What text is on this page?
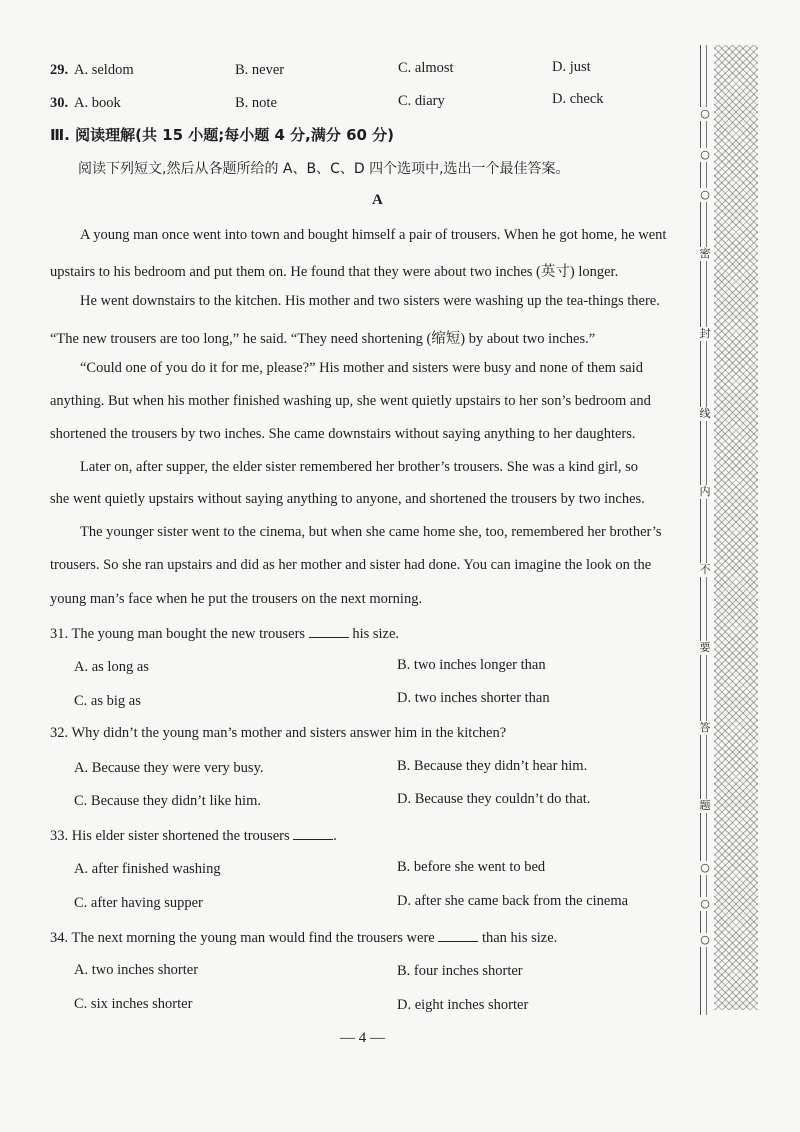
29. A. seldom	B. never	C. almost	D. just
30. A. book	B. note	C. diary	D. check
Ⅲ. 阅读理解(共 15 小题;每小题 4 分,满分 60 分)
阅读下列短文,然后从各题所给的 A、B、C、D 四个选项中,选出一个最佳答案。
A
A young man once went into town and bought himself a pair of trousers. When he got home, he went
upstairs to his bedroom and put them on. He found that they were about two inches (英寸) longer.
He went downstairs to the kitchen. His mother and two sisters were washing up the tea-things there.
“The new trousers are too long,” he said. “They need shortening (缩短) by about two inches.”
“Could one of you do it for me, please?” His mother and sisters were busy and none of them said
anything. But when his mother finished washing up, she went quietly upstairs to her son’s bedroom and
shortened the trousers by two inches. She came downstairs without saying anything to her daughters.
Later on, after supper, the elder sister remembered her brother’s trousers. She was a kind girl, so
she went quietly upstairs without saying anything to anyone, and shortened the trousers by two inches.
The younger sister went to the cinema, but when she came home she, too, remembered her brother’s
trousers. So she ran upstairs and did as her mother and sister had done. You can imagine the look on the
young man’s face when he put the trousers on the next morning.
31. The young man bought the new trousers	his size.
A. as long as	B. two inches longer than
C. as big as	D. two inches shorter than
32. Why didn’t the young man’s mother and sisters answer him in the kitchen?
A. Because they were very busy.	B. Because they didn’t hear him.
C. Because they didn’t like him.	D. Because they couldn’t do that.
33. His elder sister shortened the trousers	.
A. after finished washing	B. before she went to bed
C. after having supper	D. after she came back from the cinema
34. The next morning the young man would find the trousers were	than his size.
A. two inches shorter	B. four inches shorter
C. six inches shorter	D. eight inches shorter
— 4 —
○
○
○
密
封
线
内
不
要
答
题
○
○
○
